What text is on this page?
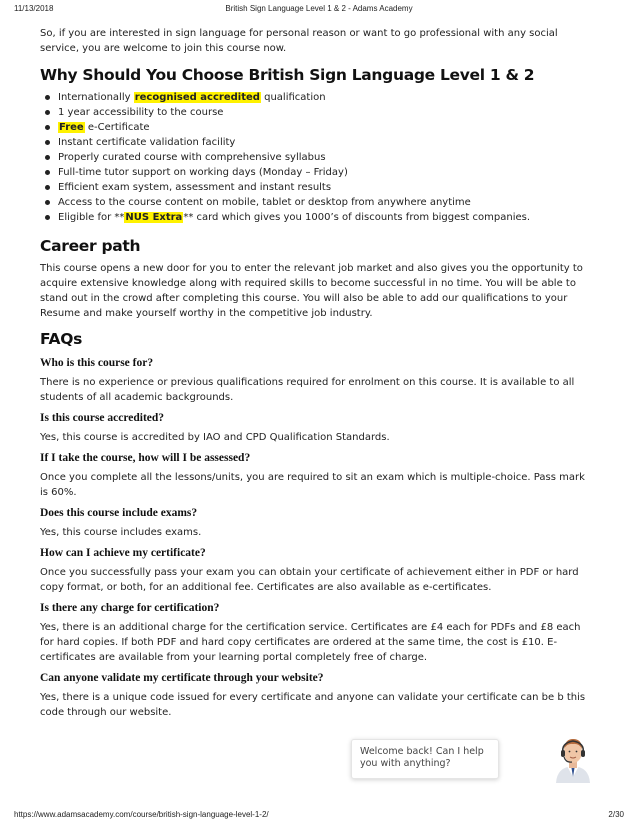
11/13/2018	British Sign Language Level 1 & 2 - Adams Academy

So, if you are interested in sign language for personal reason or want to go professional with any social service, you are welcome to join this course now.

Why Should You Choose British Sign Language Level 1 & 2
Internationally recognised accredited qualification
1 year accessibility to the course
Free e-Certificate
Instant certificate validation facility
Properly curated course with comprehensive syllabus
Full-time tutor support on working days (Monday – Friday)
Efficient exam system, assessment and instant results
Access to the course content on mobile, tablet or desktop from anywhere anytime
Eligible for **NUS Extra** card which gives you 1000’s of discounts from biggest companies.
Career path

This course opens a new door for you to enter the relevant job market and also gives you the opportunity to acquire extensive knowledge along with required skills to become successful in no time. You will be able to stand out in the crowd after completing this course. You will also be able to add our qualifications to your Resume and make yourself worthy in the competitive job industry.

FAQs
Who is this course for?

There is no experience or previous qualifications required for enrolment on this course. It is available to all students of all academic backgrounds.

Is this course accredited?

Yes, this course is accredited by IAO and CPD Qualification Standards.

If I take the course, how will I be assessed?

Once you complete all the lessons/units, you are required to sit an exam which is multiple-choice. Pass mark is 60%.

Does this course include exams?

Yes, this course includes exams.

How can I achieve my certificate?

Once you successfully pass your exam you can obtain your certificate of achievement either in PDF or hard copy format, or both, for an additional fee. Certificates are also available as e-certificates.

Is there any charge for certification?

Yes, there is an additional charge for the certification service. Certificates are £4 each for PDFs and £8 each for hard copies. If both PDF and hard copy certificates are ordered at the same time, the cost is £10. E-certificates are available from your learning portal completely free of charge.

Can anyone validate my certificate through your website?

Yes, there is a unique code issued for every certificate and anyone can validate your certificate can be b this code through our website.

Welcome back! Can I help you with anything?
https://www.adamsacademy.com/course/british-sign-language-level-1-2/	2/30
